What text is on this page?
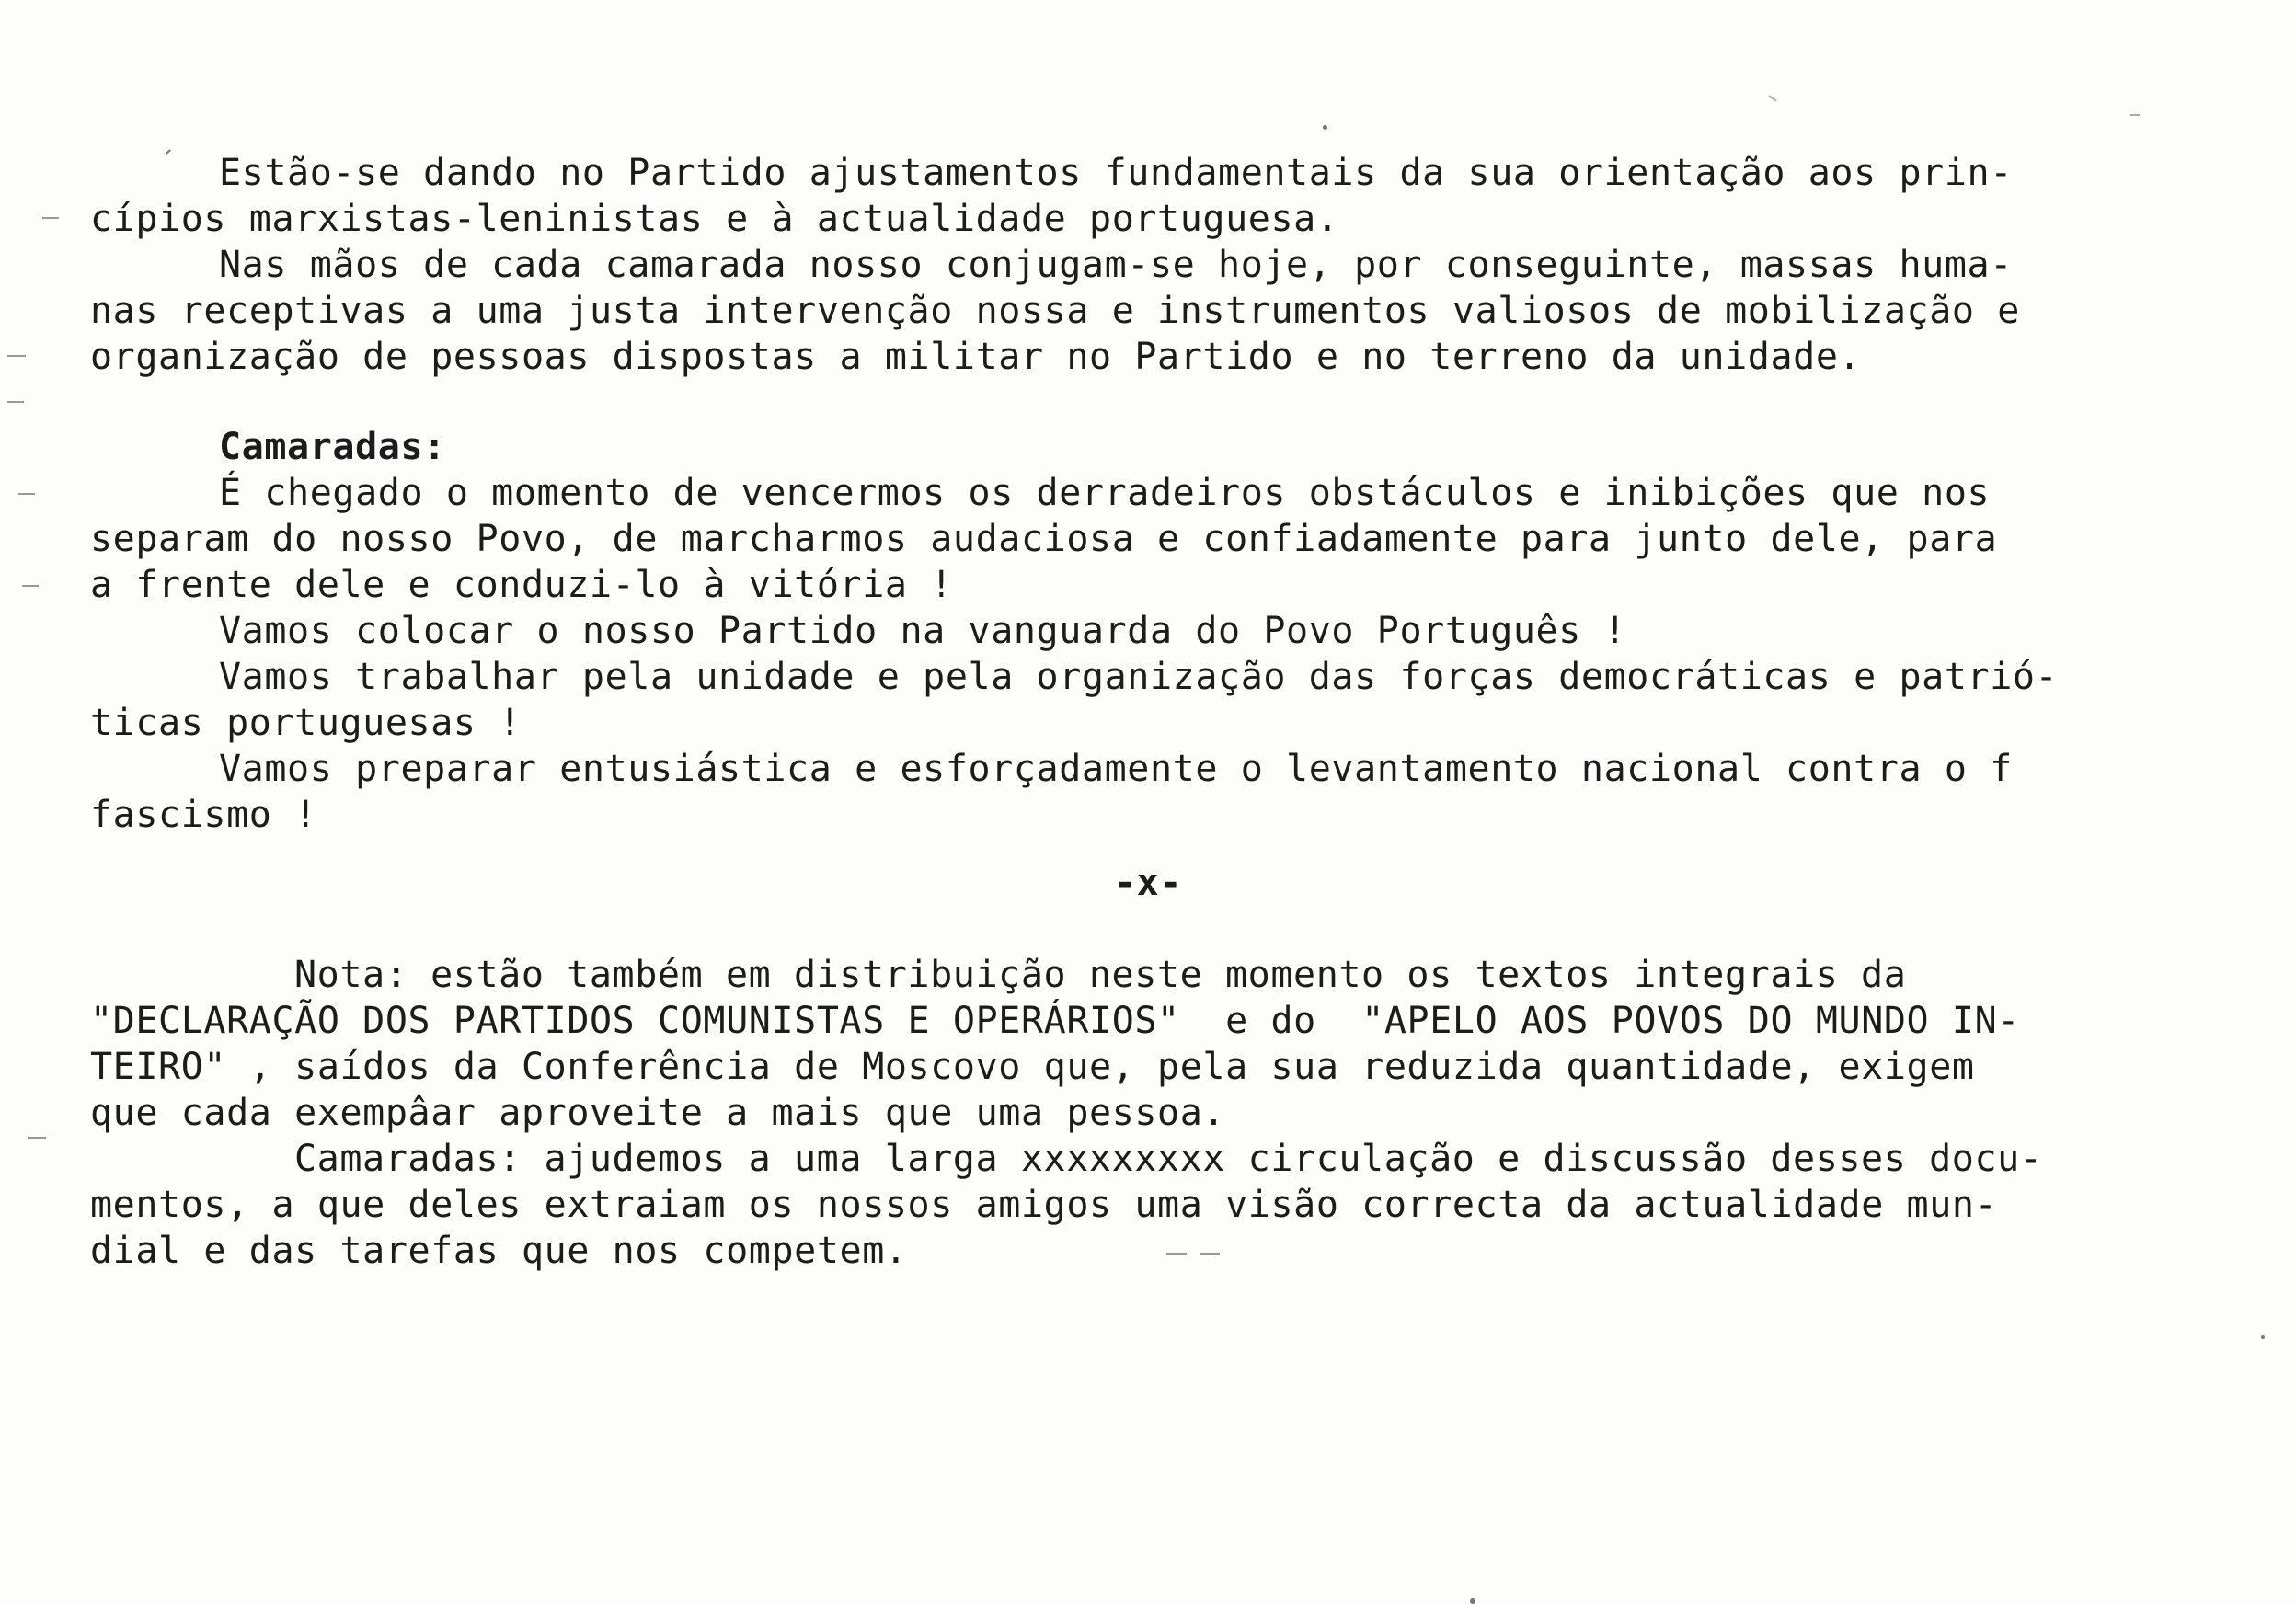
Estão-se dando no Partido ajustamentos fundamentais da sua orientação aos prin-
cípios marxistas-leninistas e à actualidade portuguesa.
Nas mãos de cada camarada nosso conjugam-se hoje, por conseguinte, massas huma-
nas receptivas a uma justa intervenção nossa e instrumentos valiosos de mobilização e
organização de pessoas dispostas a militar no Partido e no terreno da unidade.
Camaradas:
É chegado o momento de vencermos os derradeiros obstáculos e inibições que nos
separam do nosso Povo, de marcharmos audaciosa e confiadamente para junto dele, para
a frente dele e conduzi-lo à vitória !
Vamos colocar o nosso Partido na vanguarda do Povo Português !
Vamos trabalhar pela unidade e pela organização das forças democráticas e patrió-
ticas portuguesas !
Vamos preparar entusiástica e esforçadamente o levantamento nacional contra o f
fascismo !
-x-
Nota: estão também em distribuição neste momento os textos integrais da
"DECLARAÇÃO DOS PARTIDOS COMUNISTAS E OPERÁRIOS"  e do  "APELO AOS POVOS DO MUNDO IN-
TEIRO" , saídos da Conferência de Moscovo que, pela sua reduzida quantidade, exigem
que cada exempâar aproveite a mais que uma pessoa.
Camaradas: ajudemos a uma larga xxxxxxxxx circulação e discussão desses docu-
mentos, a que deles extraiam os nossos amigos uma visão correcta da actualidade mun-
dial e das tarefas que nos competem.
